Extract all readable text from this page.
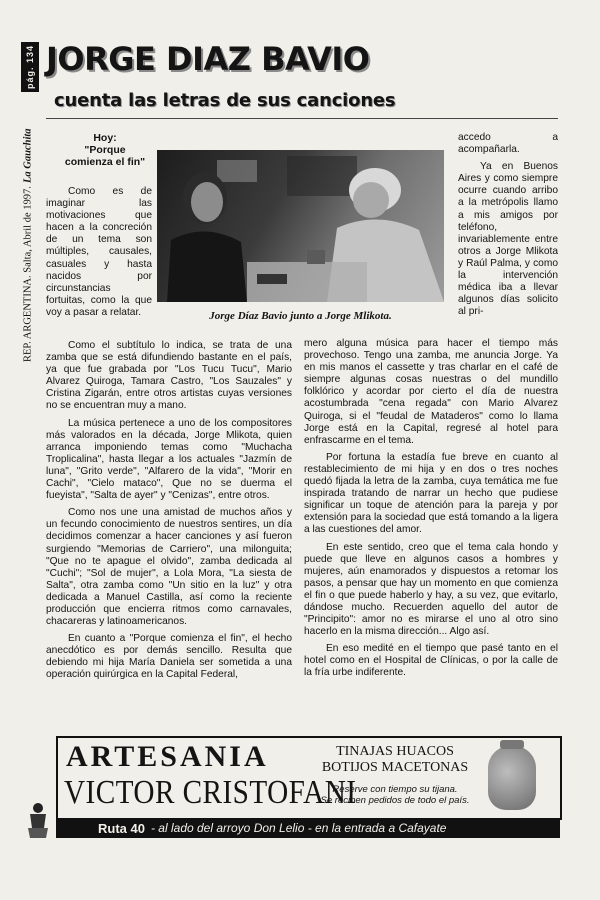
pág. 134
REP. ARGENTINA. Salta, Abril de 1997.

La Gauchita
JORGE DIAZ BAVIO
cuenta las letras de sus canciones
Hoy:
"Porque comienza el fin"
Jorge Díaz Bavio junto a Jorge Mlikota.

Como es de imaginar las motivaciones que hacen a la concreción de un tema son múltiples, causales, casuales y hasta nacidos por circunstancias fortuitas, como la que voy a pasar a relatar.

Como el subtítulo lo indica, se trata de una zamba que se está difundiendo bastante en el país, ya que fue grabada por "Los Tucu Tucu", Mario Alvarez Quiroga, Tamara Castro, "Los Sauzales" y Cristina Zigarán, entre otros artistas cuyas versiones no se encuentran muy a mano.

La música pertenece a uno de los compositores más valorados en la década, Jorge Mlikota, quien arranca imponiendo temas como "Muchacha Troplicalina", hasta llegar a los actuales "Jazmín de luna", "Grito verde", "Alfarero de la vida", "Morir en Cachi", "Cielo mataco", Que no se duerma el fueyista", "Salta de ayer" y "Cenizas", entre otros.

Como nos une una amistad de muchos años y un fecundo conocimiento de nuestros sentires, un día decidimos comenzar a hacer canciones y así fueron surgiendo "Memorias de Carriero", una milonguita; "Que no te apague el olvido", zamba dedicada al "Cuchi"; "Sol de mujer", a Lola Mora, "La siesta de Salta", otra zamba como "Un sitio en la luz" y otra dedicada a Manuel Castilla, así como la reciente producción que encierra ritmos como carnavales, chacareras y latinoamericanos.

En cuanto a "Porque comienza el fin", el hecho anecdótico es por demás sencillo. Resulta que debiendo mi hija María Daniela ser sometida a una operación quirúrgica en la Capital Federal,

accedo a acompañarla.

Ya en Buenos Aires y como siempre ocurre cuando arribo a la metrópolis llamo a mis amigos por teléfono, invariablemente entre otros a Jorge Mlikota y Raúl Palma, y como la intervención médica iba a llevar algunos días solicito al pri-

mero alguna música para hacer el tiempo más provechoso. Tengo una zamba, me anuncia Jorge. Ya en mis manos el cassette y tras charlar en el café de siempre algunas cosas nuestras o del mundillo folklórico y acordar por cierto el día de nuestra acostumbrada "cena regada" con Mario Alvarez Quiroga, si el "feudal de Mataderos" como lo llama Jorge está en la Capital, regresé al hotel para enfrascarme en el tema.

Por fortuna la estadía fue breve en cuanto al restablecimiento de mi hija y en dos o tres noches quedó fijada la letra de la zamba, cuya temática me fue inspirada tratando de narrar un hecho que pudiese significar un toque de atención para la pareja y por extensión para la sociedad que está tomando a la ligera a las cuestiones del amor.

En este sentido, creo que el tema cala hondo y puede que lleve en algunos casos a hombres y mujeres, aún enamorados y dispuestos a retomar los pasos, a pensar que hay un momento en que comienza el fin o que puede haberlo y hay, a su vez, que evitarlo, dándose mucho. Recuerden aquello del autor de "Principito": amor no es mirarse el uno al otro sino hacerlo en la misma dirección... Algo así.

En eso medité en el tiempo que pasé tanto en el hotel como en el Hospital de Clínicas, o por la calle de la fría urbe indiferente.

ARTESANIA
VICTOR CRISTOFANI
TINAJAS HUACOS
BOTIJOS MACETONAS
Reserve con tiempo su tijana.
Se reciben pedidos de todo el país.
Ruta 40 - al lado del arroyo Don Lelio - en la entrada a Cafayate
